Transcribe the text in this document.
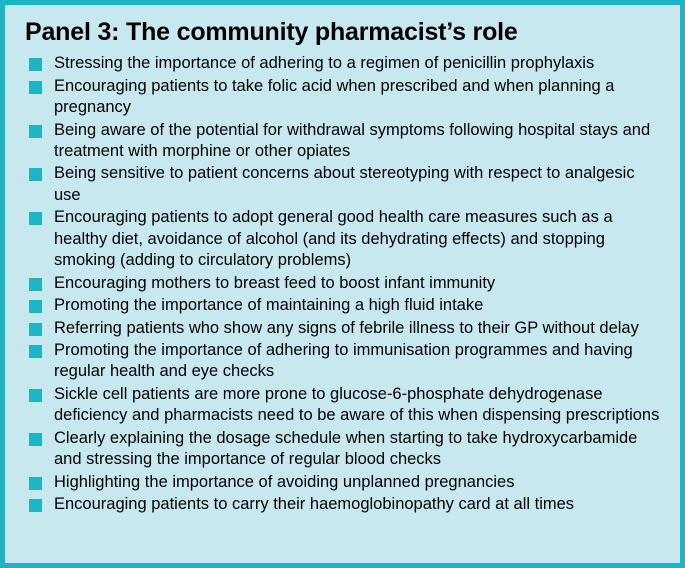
Panel 3: The community pharmacist’s role
Stressing the importance of adhering to a regimen of penicillin prophylaxis
Encouraging patients to take folic acid when prescribed and when planning a pregnancy
Being aware of the potential for withdrawal symptoms following hospital stays and treatment with morphine or other opiates
Being sensitive to patient concerns about stereotyping with respect to analgesic use
Encouraging patients to adopt general good health care measures such as a healthy diet, avoidance of alcohol (and its dehydrating effects) and stopping smoking (adding to circulatory problems)
Encouraging mothers to breast feed to boost infant immunity
Promoting the importance of maintaining a high fluid intake
Referring patients who show any signs of febrile illness to their GP without delay
Promoting the importance of adhering to immunisation programmes and having regular health and eye checks
Sickle cell patients are more prone to glucose-6-phosphate dehydrogenase deficiency and pharmacists need to be aware of this when dispensing prescriptions
Clearly explaining the dosage schedule when starting to take hydroxycarbamide and stressing the importance of regular blood checks
Highlighting the importance of avoiding unplanned pregnancies
Encouraging patients to carry their haemoglobinopathy card at all times
